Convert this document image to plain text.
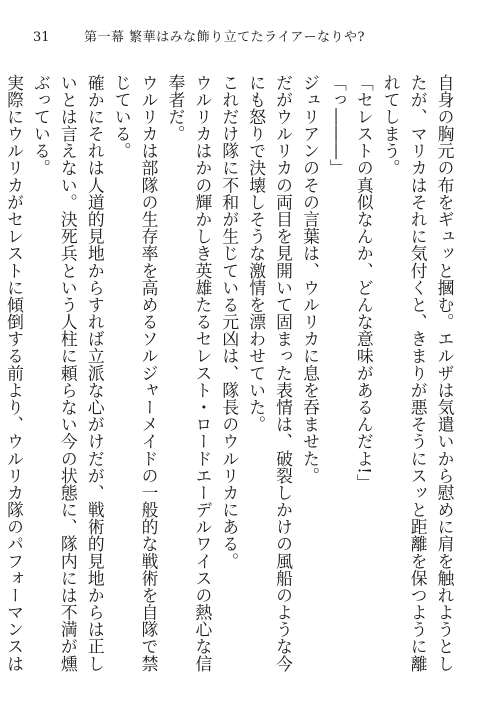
31	第一幕 繁華はみな飾り立てたライアーなりや?

自身の胸元の布をギュッと摑む。エルザは気遣いから慰めに肩を触れようとしたが、マリカはそれに気付くと、きまりが悪そうにスッと距離を保つように離れてしまう。

「セレストの真似なんか、どんな意味があるんだよ!」

「っ―――」

ジュリアンのその言葉は、ウルリカに息を吞ませた。

だがウルリカの両目を見開いて固まった表情は、破裂しかけの風船のような今にも怒りで決壊しそうな激情を漂わせていた。

これだけ隊に不和が生じている元凶は、隊長のウルリカにある。

ウルリカはかの輝かしき英雄たるセレスト・ロードエーデルワイスの熱心な信奉者だ。

ウルリカは部隊の生存率を高めるソルジャーメイドの一般的な戦術を自隊で禁じている。

確かにそれは人道的見地からすれば立派な心がけだが、戦術的見地からは正しいとは言えない。決死兵という人柱に頼らない今の状態に、隊内には不満が燻ぶっている。

実際にウルリカがセレストに傾倒する前より、ウルリカ隊のパフォーマンスは
